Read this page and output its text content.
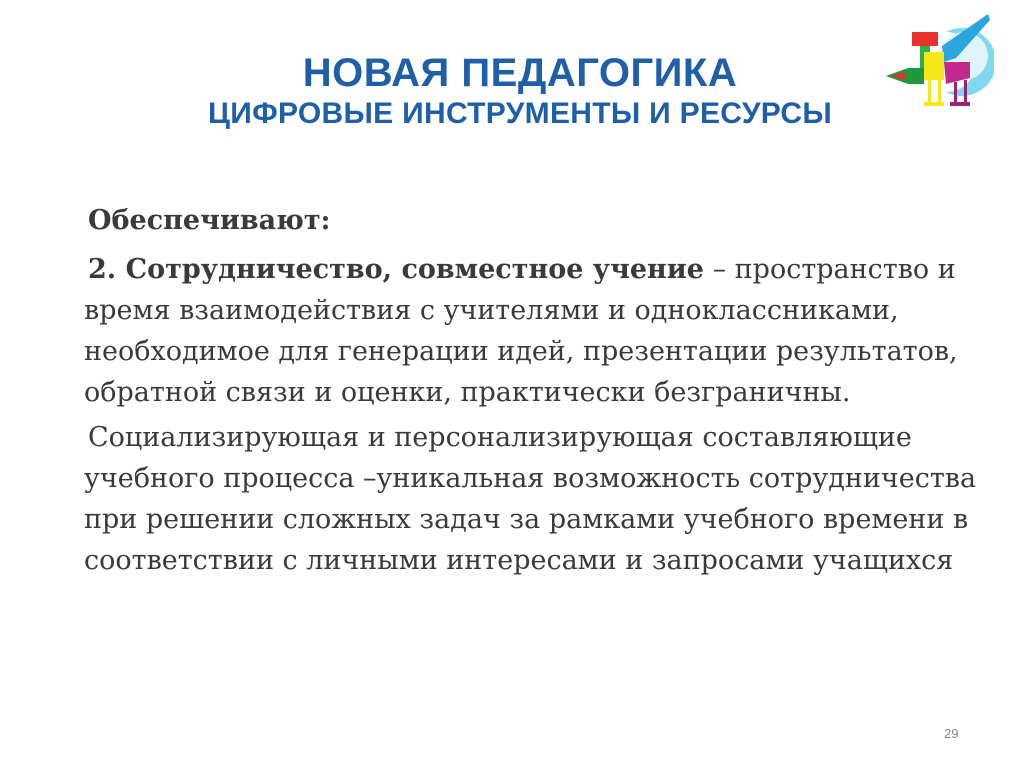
НОВАЯ ПЕДАГОГИКА
ЦИФРОВЫЕ ИНСТРУМЕНТЫ И РЕСУРСЫ
Обеспечивают:

2. Сотрудничество, совместное учение – пространство и время взаимодействия с учителями и одноклассниками, необходимое для генерации идей, презентации результатов, обратной связи и оценки, практически безграничны.

Социализирующая и персонализирующая составляющие учебного процесса –уникальная возможность сотрудничества при решении сложных задач за рамками учебного времени в соответствии с личными интересами и запросами учащихся

29
